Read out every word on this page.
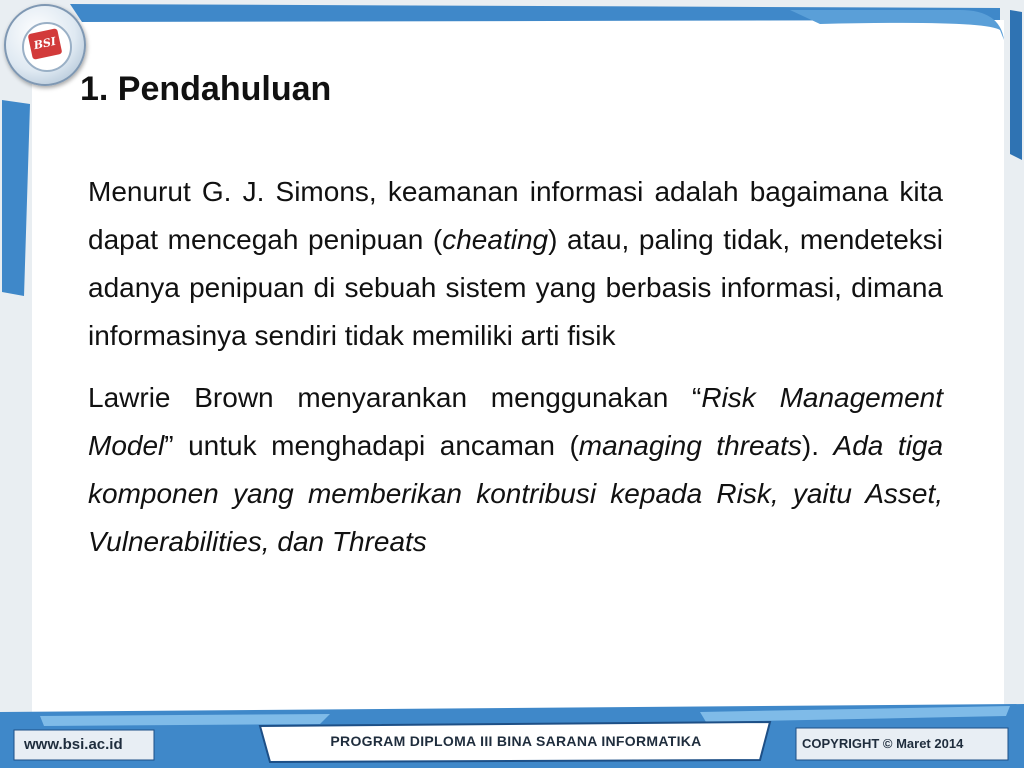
BSI
1. Pendahuluan

Menurut G. J. Simons, keamanan informasi adalah bagaimana kita dapat mencegah penipuan (cheating) atau, paling tidak, mendeteksi adanya penipuan di sebuah sistem yang berbasis informasi, dimana informasinya sendiri tidak memiliki arti fisik

Lawrie Brown menyarankan menggunakan “Risk Management Model” untuk menghadapi ancaman (managing threats). Ada tiga komponen yang memberikan kontribusi kepada Risk, yaitu Asset, Vulnerabilities, dan Threats

www.bsi.ac.id	PROGRAM DIPLOMA III BINA SARANA INFORMATIKA	COPYRIGHT © Maret 2014
